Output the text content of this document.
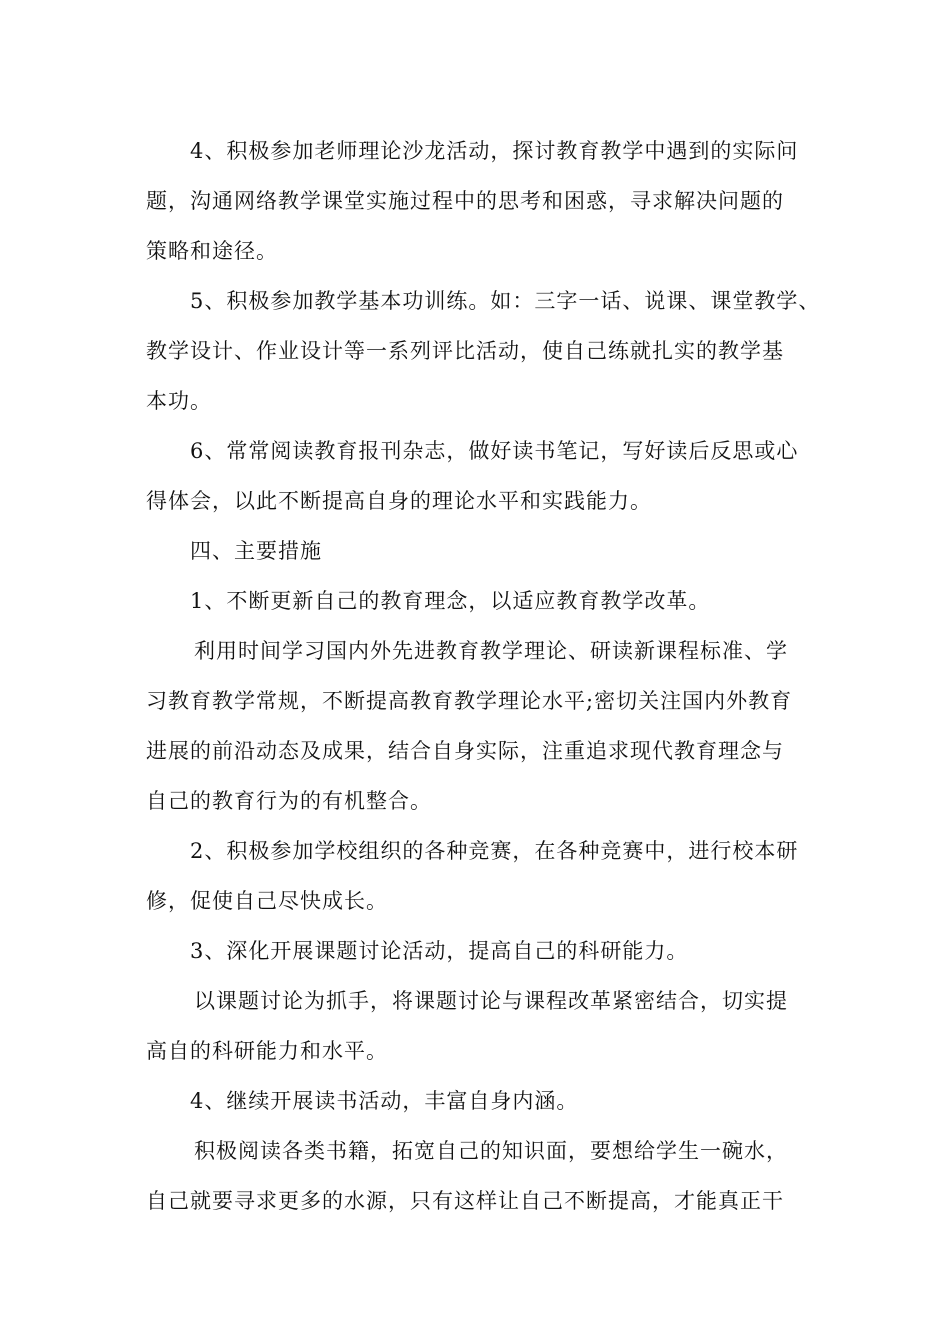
4、积极参加老师理论沙龙活动，探讨教育教学中遇到的实际问
题，沟通网络教学课堂实施过程中的思考和困惑，寻求解决问题的
策略和途径。
5、积极参加教学基本功训练。如：三字一话、说课、课堂教学、
教学设计、作业设计等一系列评比活动，使自己练就扎实的教学基
本功。
6、常常阅读教育报刊杂志，做好读书笔记，写好读后反思或心
得体会，以此不断提高自身的理论水平和实践能力。
四、主要措施
1、不断更新自己的教育理念，以适应教育教学改革。
利用时间学习国内外先进教育教学理论、研读新课程标准、学
习教育教学常规，不断提高教育教学理论水平;密切关注国内外教育
进展的前沿动态及成果，结合自身实际，注重追求现代教育理念与
自己的教育行为的有机整合。
2、积极参加学校组织的各种竞赛，在各种竞赛中，进行校本研
修，促使自己尽快成长。
3、深化开展课题讨论活动，提高自己的科研能力。
以课题讨论为抓手，将课题讨论与课程改革紧密结合，切实提
高自的科研能力和水平。
4、继续开展读书活动，丰富自身内涵。
积极阅读各类书籍，拓宽自己的知识面，要想给学生一碗水，
自己就要寻求更多的水源，只有这样让自己不断提高，才能真正干
